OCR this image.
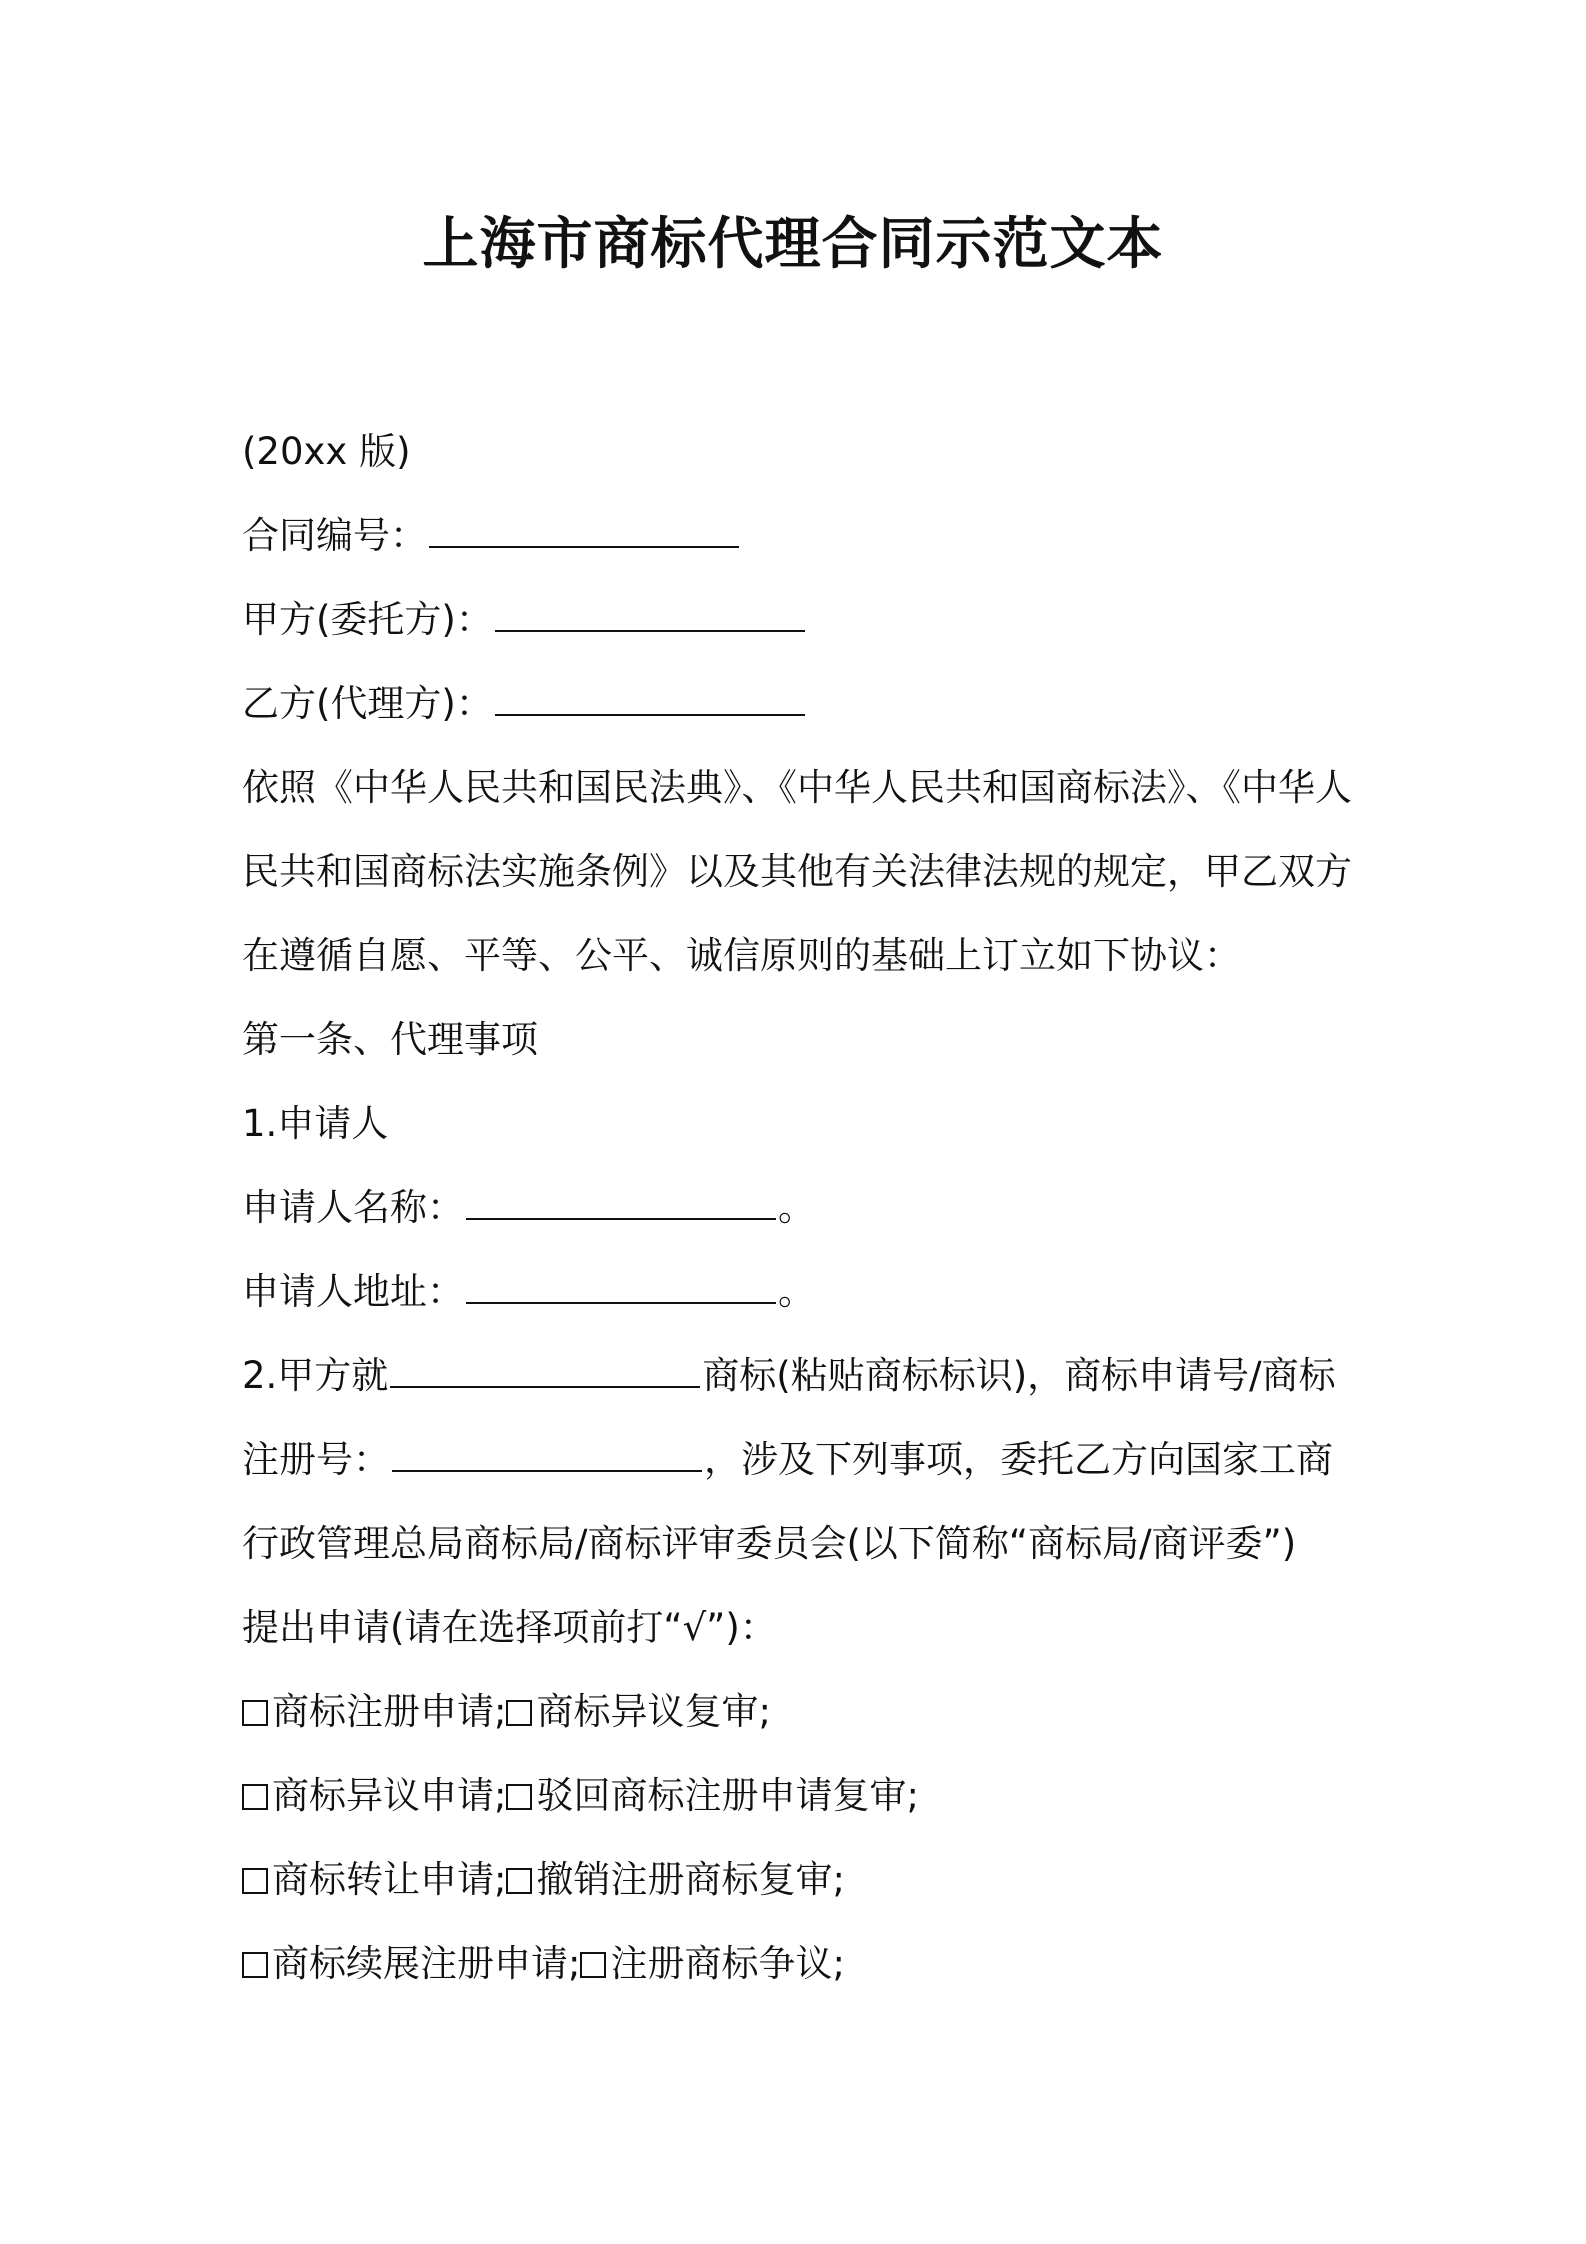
上海市商标代理合同示范文本
(20xx 版)
合同编号：
甲方(委托方)：
乙方(代理方)：
依照《中华人民共和国民法典》、《中华人民共和国商标法》、《中华人
民共和国商标法实施条例》以及其他有关法律法规的规定，甲乙双方
在遵循自愿、平等、公平、诚信原则的基础上订立如下协议：
第一条、代理事项
1.申请人
申请人名称：	。
申请人地址：	。
2.甲方就	商标(粘贴商标标识)，商标申请号/商标
注册号：	，涉及下列事项，委托乙方向国家工商
行政管理总局商标局/商标评审委员会(以下简称“商标局/商评委”)
提出申请(请在选择项前打“√”)：
商标注册申请; 商标异议复审;
商标异议申请; 驳回商标注册申请复审;
商标转让申请; 撤销注册商标复审;
商标续展注册申请; 注册商标争议;
